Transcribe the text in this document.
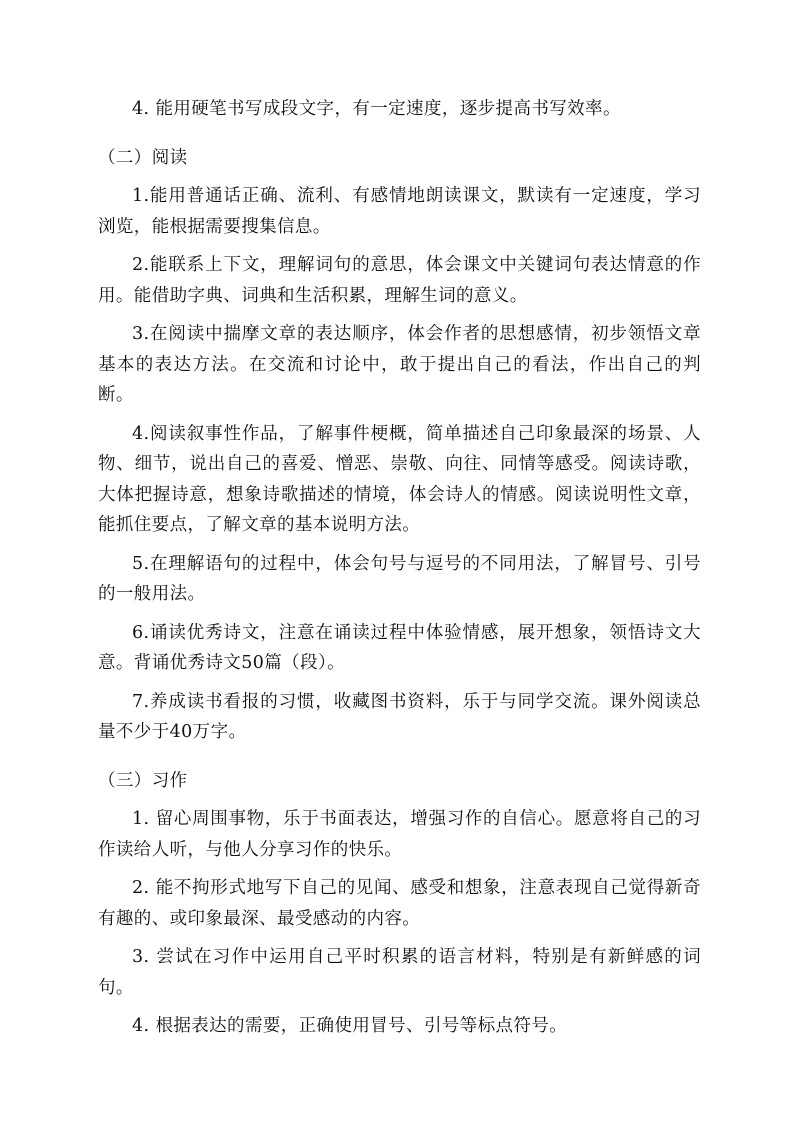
4. 能用硬笔书写成段文字，有一定速度，逐步提高书写效率。

（二）阅读

1.能用普通话正确、流利、有感情地朗读课文，默读有一定速度，学习浏览，能根据需要搜集信息。

2.能联系上下文，理解词句的意思，体会课文中关键词句表达情意的作用。能借助字典、词典和生活积累，理解生词的意义。

3.在阅读中揣摩文章的表达顺序，体会作者的思想感情，初步领悟文章基本的表达方法。在交流和讨论中，敢于提出自己的看法，作出自己的判断。

4.阅读叙事性作品，了解事件梗概，简单描述自己印象最深的场景、人物、细节，说出自己的喜爱、憎恶、崇敬、向往、同情等感受。阅读诗歌，大体把握诗意，想象诗歌描述的情境，体会诗人的情感。阅读说明性文章，能抓住要点，了解文章的基本说明方法。

5.在理解语句的过程中，体会句号与逗号的不同用法，了解冒号、引号的一般用法。

6.诵读优秀诗文，注意在诵读过程中体验情感，展开想象，领悟诗文大意。背诵优秀诗文50篇（段）。

7.养成读书看报的习惯，收藏图书资料，乐于与同学交流。课外阅读总量不少于40万字。

（三）习作

1. 留心周围事物，乐于书面表达，增强习作的自信心。愿意将自己的习作读给人听，与他人分享习作的快乐。

2. 能不拘形式地写下自己的见闻、感受和想象，注意表现自己觉得新奇有趣的、或印象最深、最受感动的内容。

3. 尝试在习作中运用自己平时积累的语言材料，特别是有新鲜感的词句。

4. 根据表达的需要，正确使用冒号、引号等标点符号。
